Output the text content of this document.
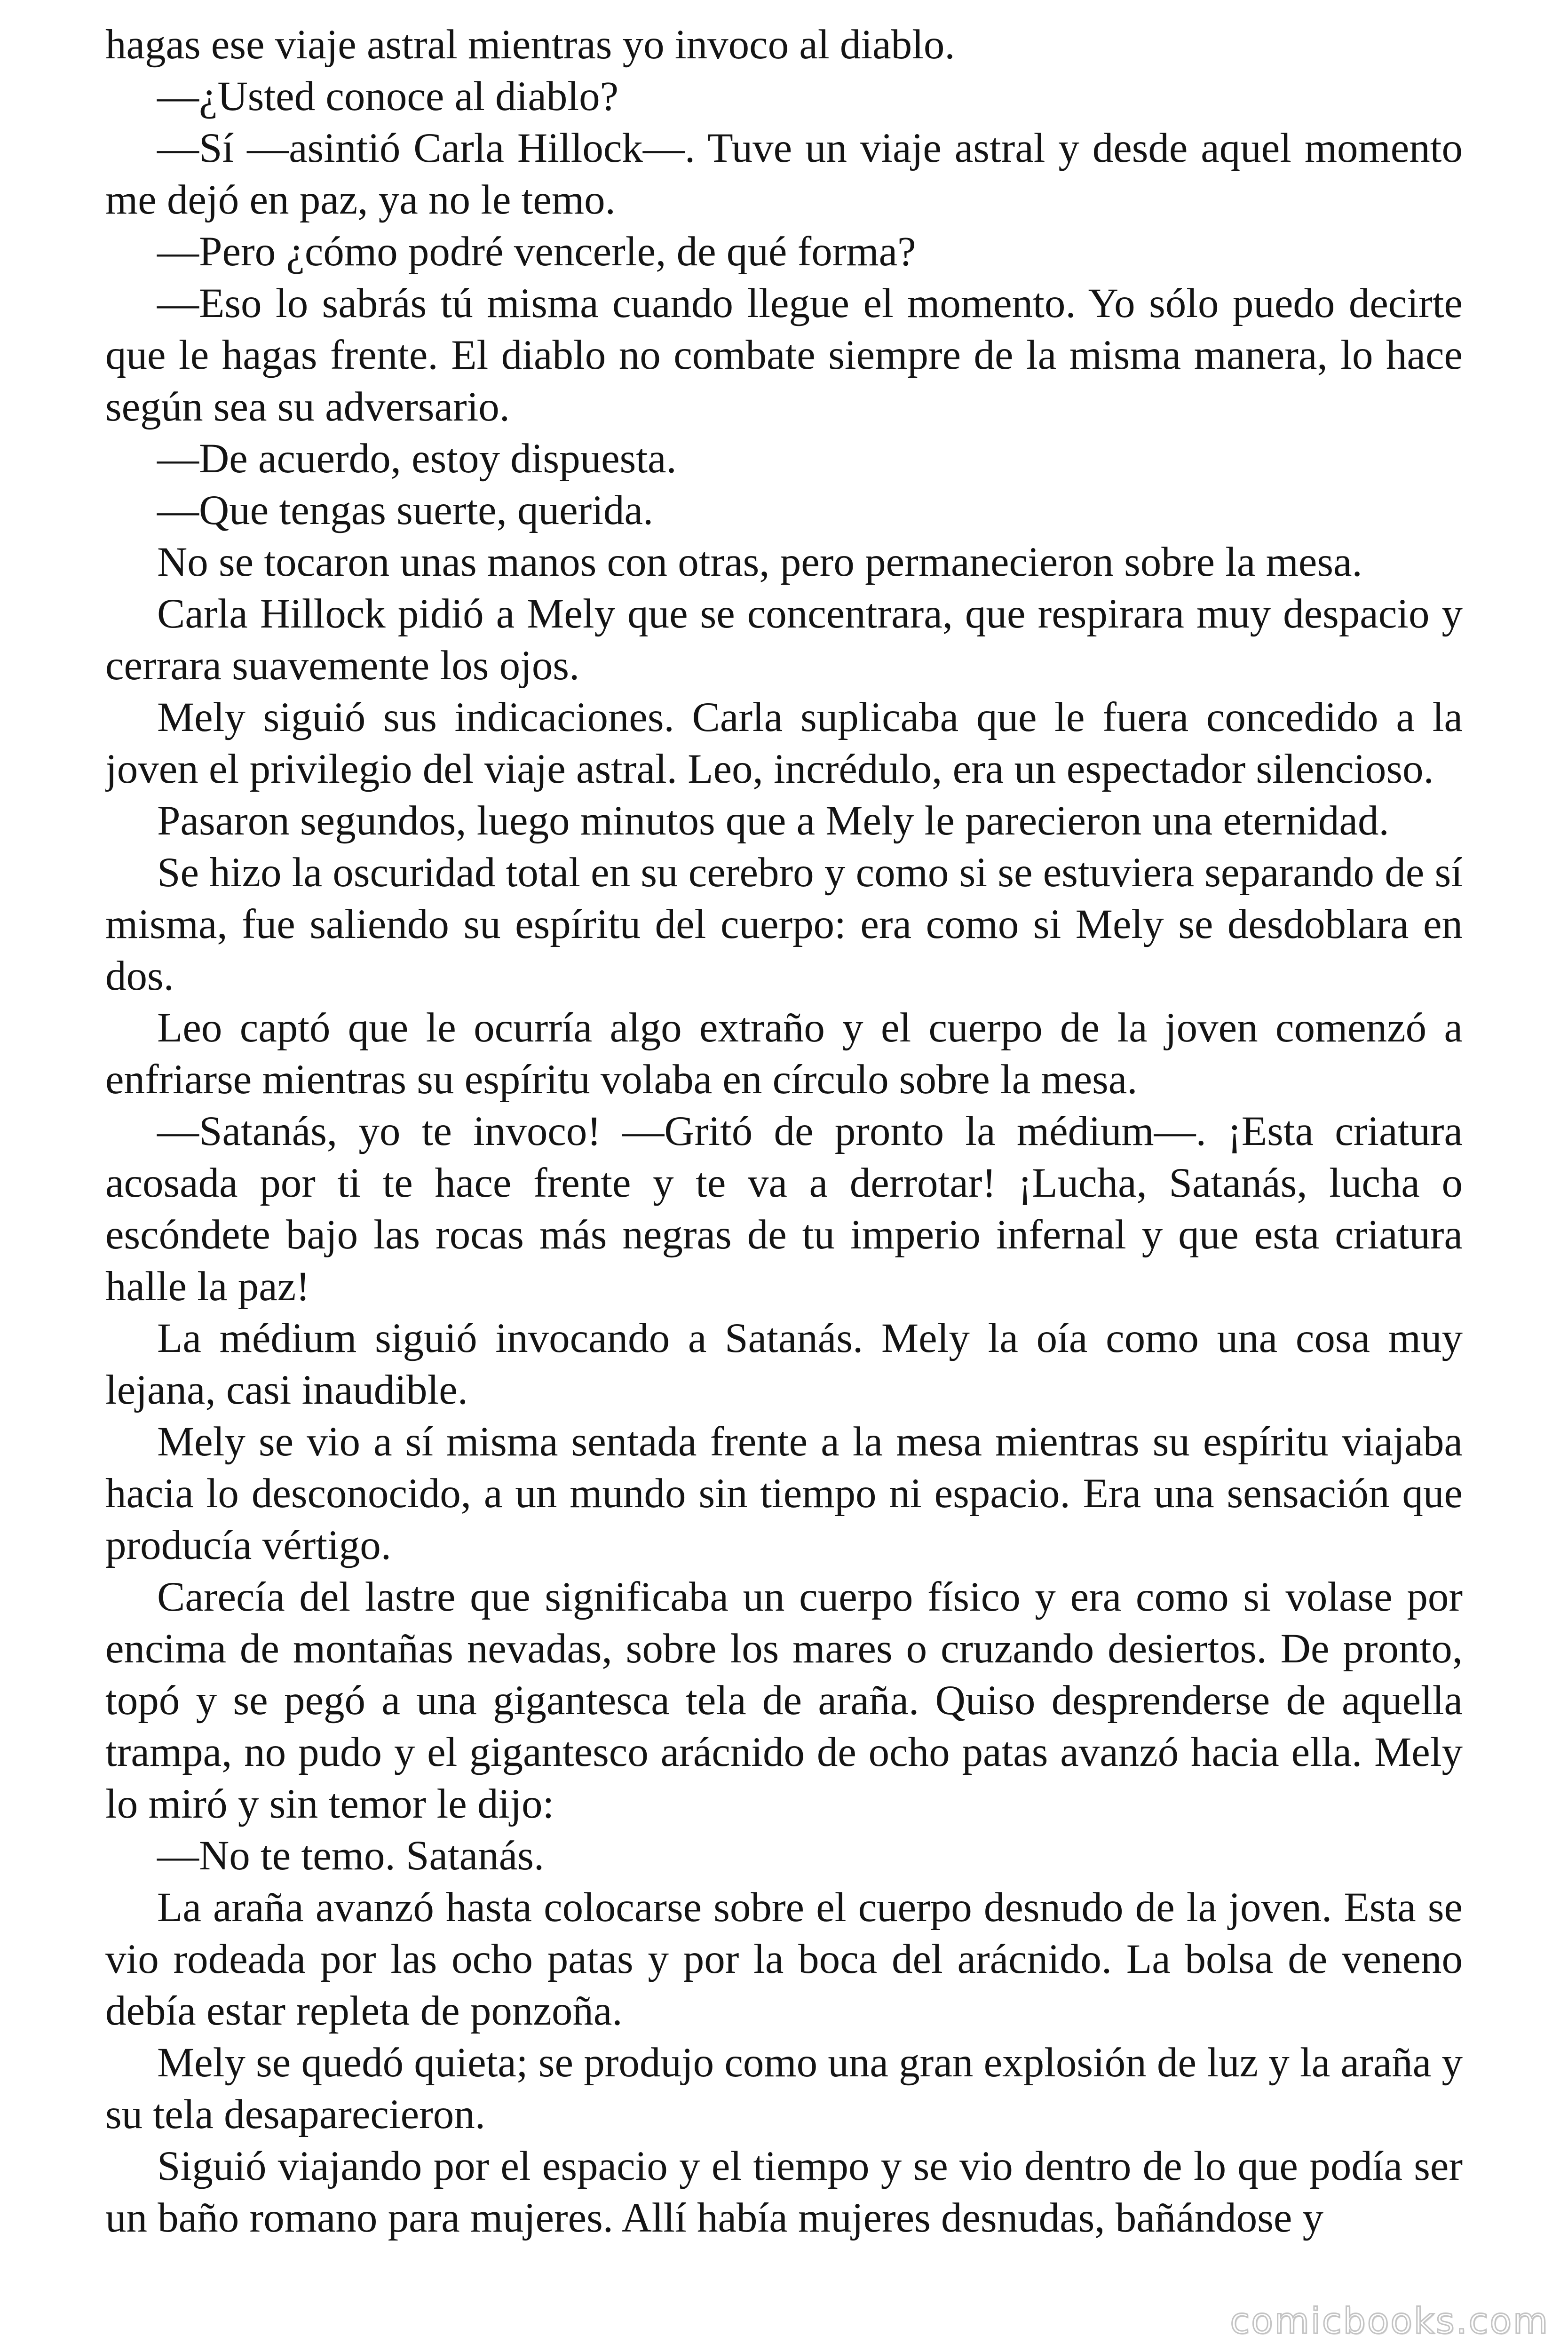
hagas ese viaje astral mientras yo invoco al diablo.

—¿Usted conoce al diablo?

—Sí —asintió Carla Hillock—. Tuve un viaje astral y desde aquel momento me dejó en paz, ya no le temo.

—Pero ¿cómo podré vencerle, de qué forma?

—Eso lo sabrás tú misma cuando llegue el momento. Yo sólo puedo decirte que le hagas frente. El diablo no combate siempre de la misma manera, lo hace según sea su adversario.

—De acuerdo, estoy dispuesta.

—Que tengas suerte, querida.

No se tocaron unas manos con otras, pero permanecieron sobre la mesa.

Carla Hillock pidió a Mely que se concentrara, que respirara muy despacio y cerrara suavemente los ojos.

Mely siguió sus indicaciones. Carla suplicaba que le fuera concedido a la joven el privilegio del viaje astral. Leo, incrédulo, era un espectador silencioso.

Pasaron segundos, luego minutos que a Mely le parecieron una eternidad.

Se hizo la oscuridad total en su cerebro y como si se estuviera separando de sí misma, fue saliendo su espíritu del cuerpo: era como si Mely se desdoblara en dos.

Leo captó que le ocurría algo extraño y el cuerpo de la joven comenzó a enfriarse mientras su espíritu volaba en círculo sobre la mesa.

—Satanás, yo te invoco! —Gritó de pronto la médium—. ¡Esta criatura acosada por ti te hace frente y te va a derrotar! ¡Lucha, Satanás, lucha o escóndete bajo las rocas más negras de tu imperio infernal y que esta criatura halle la paz!

La médium siguió invocando a Satanás. Mely la oía como una cosa muy lejana, casi inaudible.

Mely se vio a sí misma sentada frente a la mesa mientras su espíritu viajaba hacia lo desconocido, a un mundo sin tiempo ni espacio. Era una sensación que producía vértigo.

Carecía del lastre que significaba un cuerpo físico y era como si volase por encima de montañas nevadas, sobre los mares o cruzando desiertos. De pronto, topó y se pegó a una gigantesca tela de araña. Quiso desprenderse de aquella trampa, no pudo y el gigantesco arácnido de ocho patas avanzó hacia ella. Mely lo miró y sin temor le dijo:

—No te temo. Satanás.

La araña avanzó hasta colocarse sobre el cuerpo desnudo de la joven. Esta se vio rodeada por las ocho patas y por la boca del arácnido. La bolsa de veneno debía estar repleta de ponzoña.

Mely se quedó quieta; se produjo como una gran explosión de luz y la araña y su tela desaparecieron.

Siguió viajando por el espacio y el tiempo y se vio dentro de lo que podía ser un baño romano para mujeres. Allí había mujeres desnudas, bañándose y

comicbooks.com
